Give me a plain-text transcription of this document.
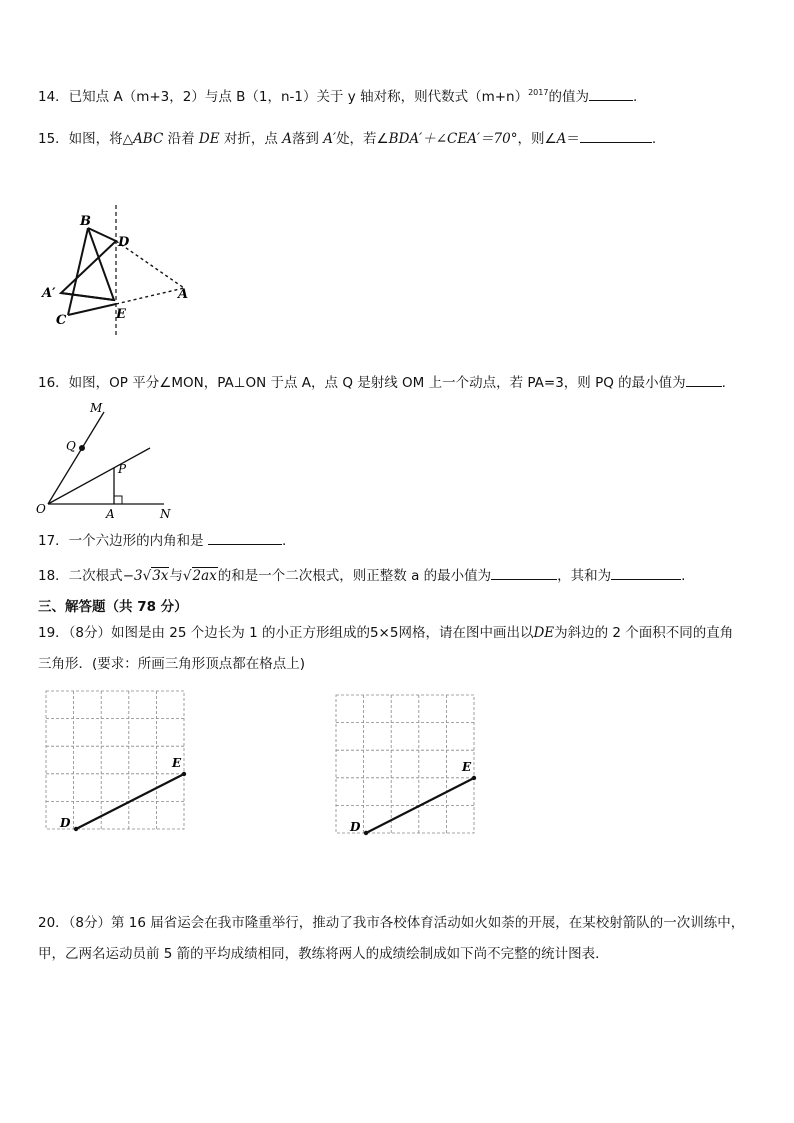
14．已知点 A（m+3，2）与点 B（1，n-1）关于 y 轴对称，则代数式$(m+n)^{2017}$的值为	.
15．如图，将△ABC 沿着 DE 对折，点 A落到 A′处，若∠BDA′＋∠CEA′＝70°，则∠A＝	.
B
D
A′	A
C	E
16．如图，OP 平分∠MON，PA⊥ON 于点 A，点 Q 是射线 OM 上一个动点，若 PA=3，则 PQ 的最小值为	.
M
Q
P
O	A	N
17．一个六边形的内角和是	.
18．二次根式−3√3x与√2ax的和是一个二次根式，则正整数 a 的最小值为	，其和为	.
三、解答题（共 78 分）
19．（8分）如图是由 25 个边长为 1 的小正方形组成的5×5网格，请在图中画出以DE为斜边的 2 个面积不同的直角
三角形．(要求：所画三角形顶点都在格点上)
D
E
D
E
20．（8分）第 16 届省运会在我市隆重举行，推动了我市各校体育活动如火如荼的开展，在某校射箭队的一次训练中，
甲，乙两名运动员前 5 箭的平均成绩相同，教练将两人的成绩绘制成如下尚不完整的统计图表.
